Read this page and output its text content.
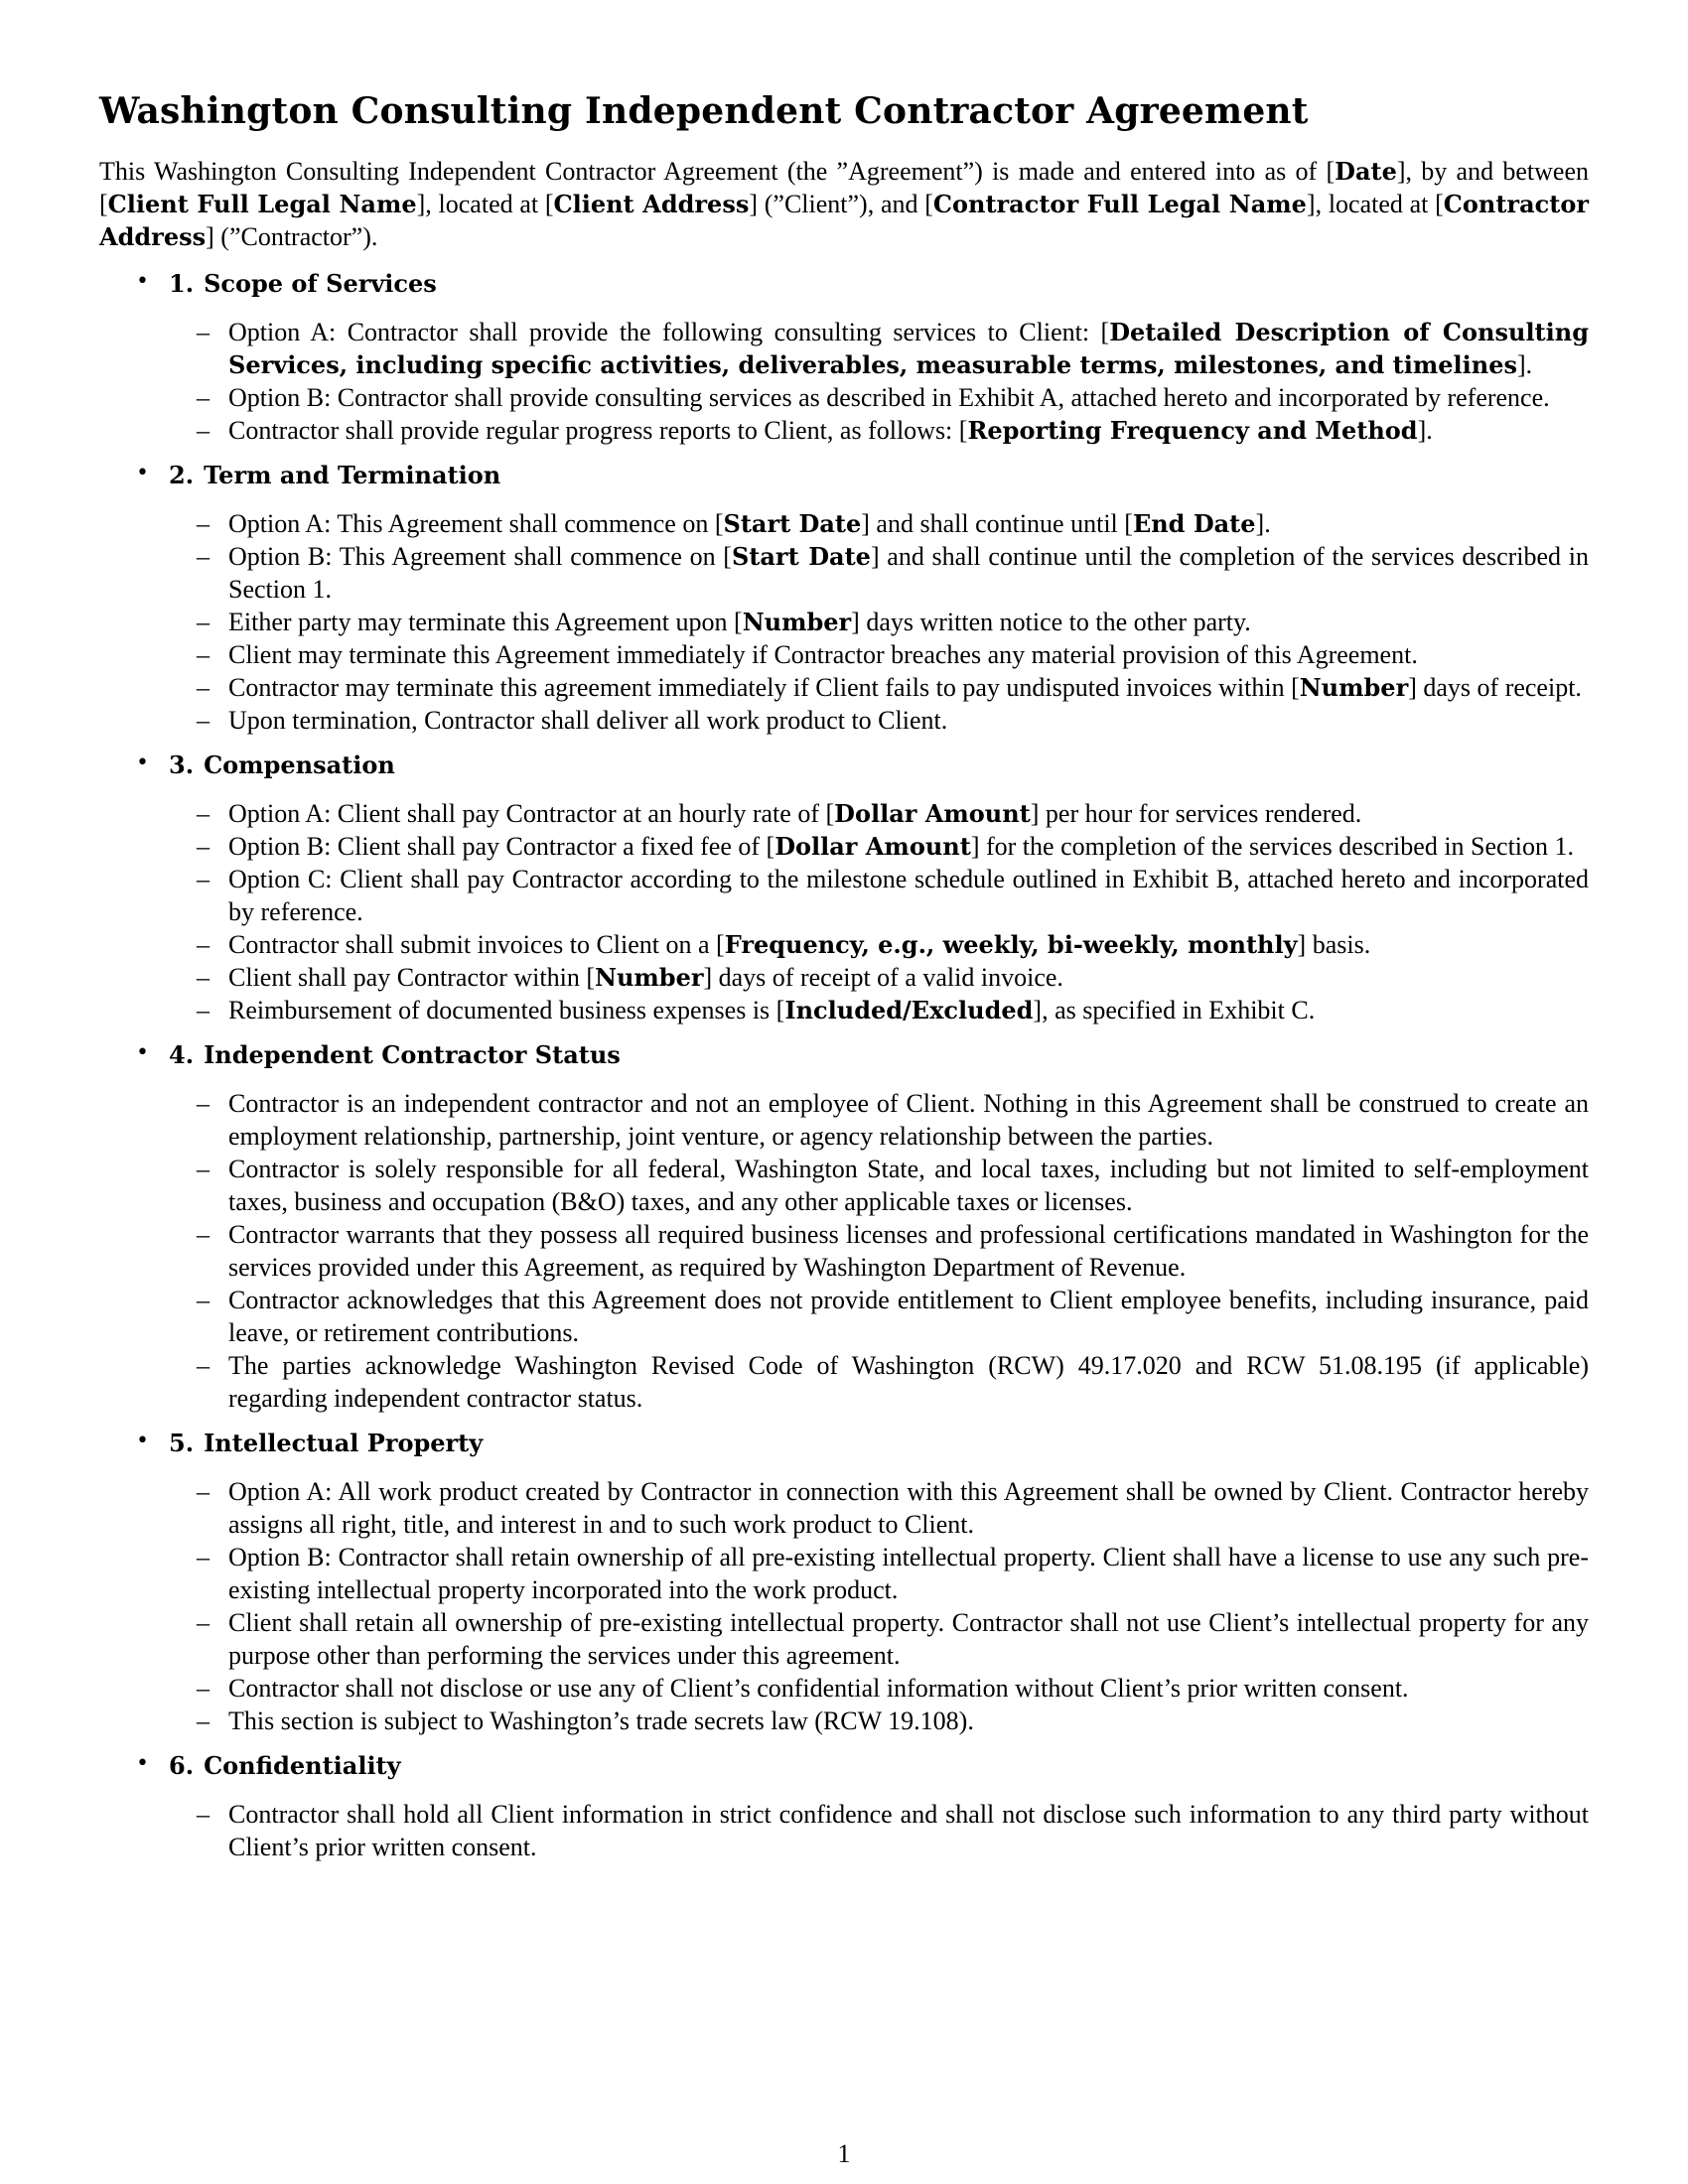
Washington Consulting Independent Contractor Agreement

This Washington Consulting Independent Contractor Agreement (the ”Agreement”) is made and entered into as of [Date], by and between [Client Full Legal Name], located at [Client Address] (”Client”), and [Contractor Full Legal Name], located at [Contractor Address] (”Contractor”).

• 1. Scope of Services
– Option A: Contractor shall provide the following consulting services to Client: [Detailed Description of Consulting Services, including specific activities, deliverables, measurable terms, milestones, and timelines].
– Option B: Contractor shall provide consulting services as described in Exhibit A, attached hereto and incorporated by reference.
– Contractor shall provide regular progress reports to Client, as follows: [Reporting Frequency and Method].
• 2. Term and Termination
– Option A: This Agreement shall commence on [Start Date] and shall continue until [End Date].
– Option B: This Agreement shall commence on [Start Date] and shall continue until the completion of the services described in Section 1.
– Either party may terminate this Agreement upon [Number] days written notice to the other party.
– Client may terminate this Agreement immediately if Contractor breaches any material provision of this Agreement.
– Contractor may terminate this agreement immediately if Client fails to pay undisputed invoices within [Number] days of receipt.
– Upon termination, Contractor shall deliver all work product to Client.
• 3. Compensation
– Option A: Client shall pay Contractor at an hourly rate of [Dollar Amount] per hour for services rendered.
– Option B: Client shall pay Contractor a fixed fee of [Dollar Amount] for the completion of the services described in Section 1.
– Option C: Client shall pay Contractor according to the milestone schedule outlined in Exhibit B, attached hereto and incorporated by reference.
– Contractor shall submit invoices to Client on a [Frequency, e.g., weekly, bi-weekly, monthly] basis.
– Client shall pay Contractor within [Number] days of receipt of a valid invoice.
– Reimbursement of documented business expenses is [Included/Excluded], as specified in Exhibit C.
• 4. Independent Contractor Status
– Contractor is an independent contractor and not an employee of Client. Nothing in this Agreement shall be construed to create an employment relationship, partnership, joint venture, or agency relationship between the parties.
– Contractor is solely responsible for all federal, Washington State, and local taxes, including but not limited to self-employment taxes, business and occupation (B&O) taxes, and any other applicable taxes or licenses.
– Contractor warrants that they possess all required business licenses and professional certifications mandated in Washington for the services provided under this Agreement, as required by Washington Department of Revenue.
– Contractor acknowledges that this Agreement does not provide entitlement to Client employee benefits, including insurance, paid leave, or retirement contributions.
– The parties acknowledge Washington Revised Code of Washington (RCW) 49.17.020 and RCW 51.08.195 (if applicable) regarding independent contractor status.
• 5. Intellectual Property
– Option A: All work product created by Contractor in connection with this Agreement shall be owned by Client. Contractor hereby assigns all right, title, and interest in and to such work product to Client.
– Option B: Contractor shall retain ownership of all pre-existing intellectual property. Client shall have a license to use any such pre-existing intellectual property incorporated into the work product.
– Client shall retain all ownership of pre-existing intellectual property. Contractor shall not use Client’s intellectual property for any purpose other than performing the services under this agreement.
– Contractor shall not disclose or use any of Client’s confidential information without Client’s prior written consent.
– This section is subject to Washington’s trade secrets law (RCW 19.108).
• 6. Confidentiality
– Contractor shall hold all Client information in strict confidence and shall not disclose such information to any third party without Client’s prior written consent.
1
